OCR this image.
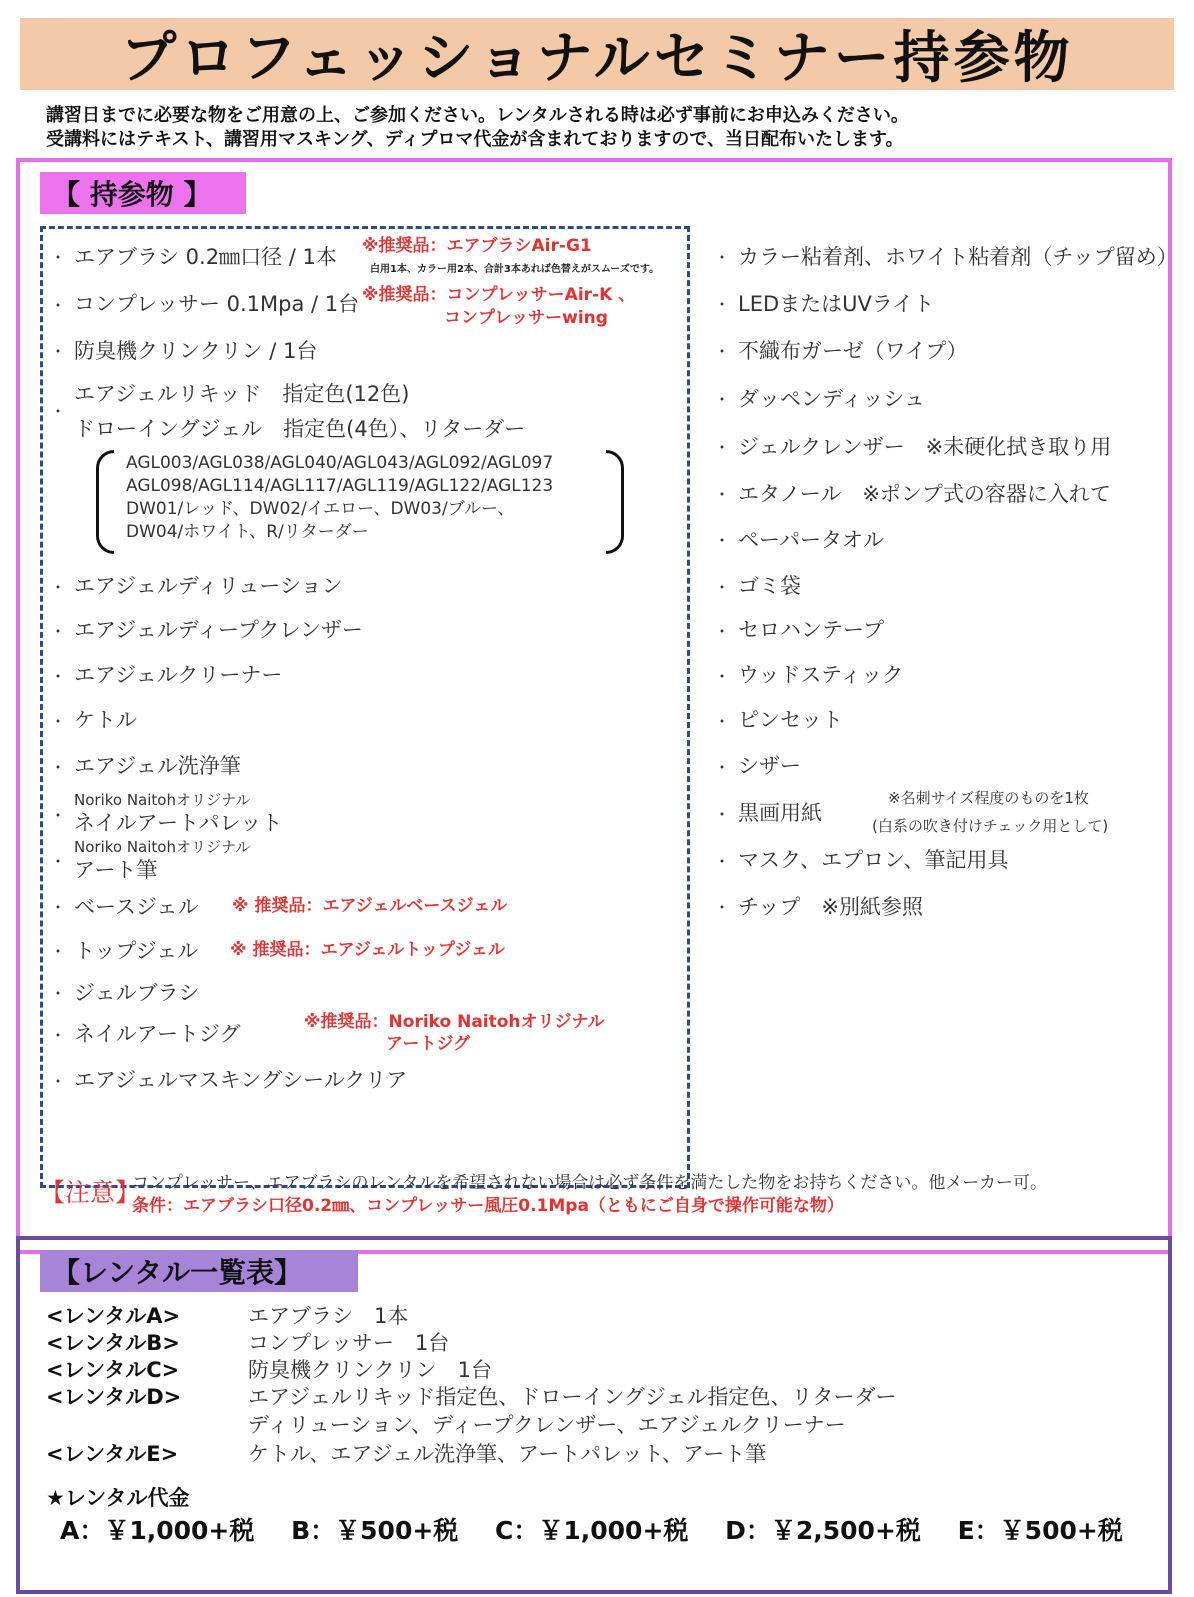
プロフェッショナルセミナー持参物
講習日までに必要な物をご用意の上、ご参加ください。レンタルされる時は必ず事前にお申込みください。
受講料にはテキスト、講習用マスキング、ディプロマ代金が含まれておりますので、当日配布いたします。
【 持参物 】
・
・
・
・
・
・
・
・
・
・
・
・
・
・
・
・
エアブラシ 0.2㎜口径 / 1本
コンプレッサー 0.1Mpa / 1台
防臭機クリンクリン / 1台
エアジェルリキッド　指定色(12色)
ドローイングジェル　指定色(4色）、リターダー
AGL003/AGL038/AGL040/AGL043/AGL092/AGL097
AGL098/AGL114/AGL117/AGL119/AGL122/AGL123
DW01/レッド、DW02/イエロー、DW03/ブルー、
DW04/ホワイト、R/リターダー
エアジェルディリューション
エアジェルディープクレンザー
エアジェルクリーナー
ケトル
エアジェル洗浄筆
Noriko Naitohオリジナル
ネイルアートパレット
Noriko Naitohオリジナル
アート筆
ベースジェル
トップジェル
ジェルブラシ
ネイルアートジグ
エアジェルマスキングシールクリア
※推奨品：エアブラシAir-G1
白用1本、カラー用2本、合計3本あれば色替えがスムーズです。
※推奨品：コンプレッサーAir-K 、
コンプレッサーwing
※ 推奨品：エアジェルベースジェル
※ 推奨品：エアジェルトップジェル
※推奨品：Noriko Naitohオリジナル
アートジグ
・
・
・
・
・
・
・
・
・
・
・
・
・
・
・
カラー粘着剤、ホワイト粘着剤（チップ留め）
LEDまたはUVライト
不織布ガーゼ（ワイプ）
ダッペンディッシュ
ジェルクレンザー　※未硬化拭き取り用
エタノール　※ポンプ式の容器に入れて
ペーパータオル
ゴミ袋
セロハンテープ
ウッドスティック
ピンセット
シザー
黒画用紙
※名刺サイズ程度のものを1枚
(白系の吹き付けチェック用として)
マスク、エプロン、筆記用具
チップ　※別紙参照
【注意】
コンプレッサー、エアブラシのレンタルを希望されない場合は必ず条件を満たした物をお持ちください。他メーカー可。
条件：エアブラシ口径0.2㎜、コンプレッサー風圧0.1Mpa（ともにご自身で操作可能な物）
【レンタル一覧表】
<レンタルA>	エアブラシ　1本
<レンタルB>	コンプレッサー　1台
<レンタルC>	防臭機クリンクリン　1台
<レンタルD>	エアジェルリキッド指定色、ドローイングジェル指定色、リターダー
ディリューション、ディープクレンザー、エアジェルクリーナー
<レンタルE>	ケトル、エアジェル洗浄筆、アートパレット、アート筆
★レンタル代金
A：￥1,000+税 B：￥500+税 C：￥1,000+税 D：￥2,500+税 E：￥500+税
